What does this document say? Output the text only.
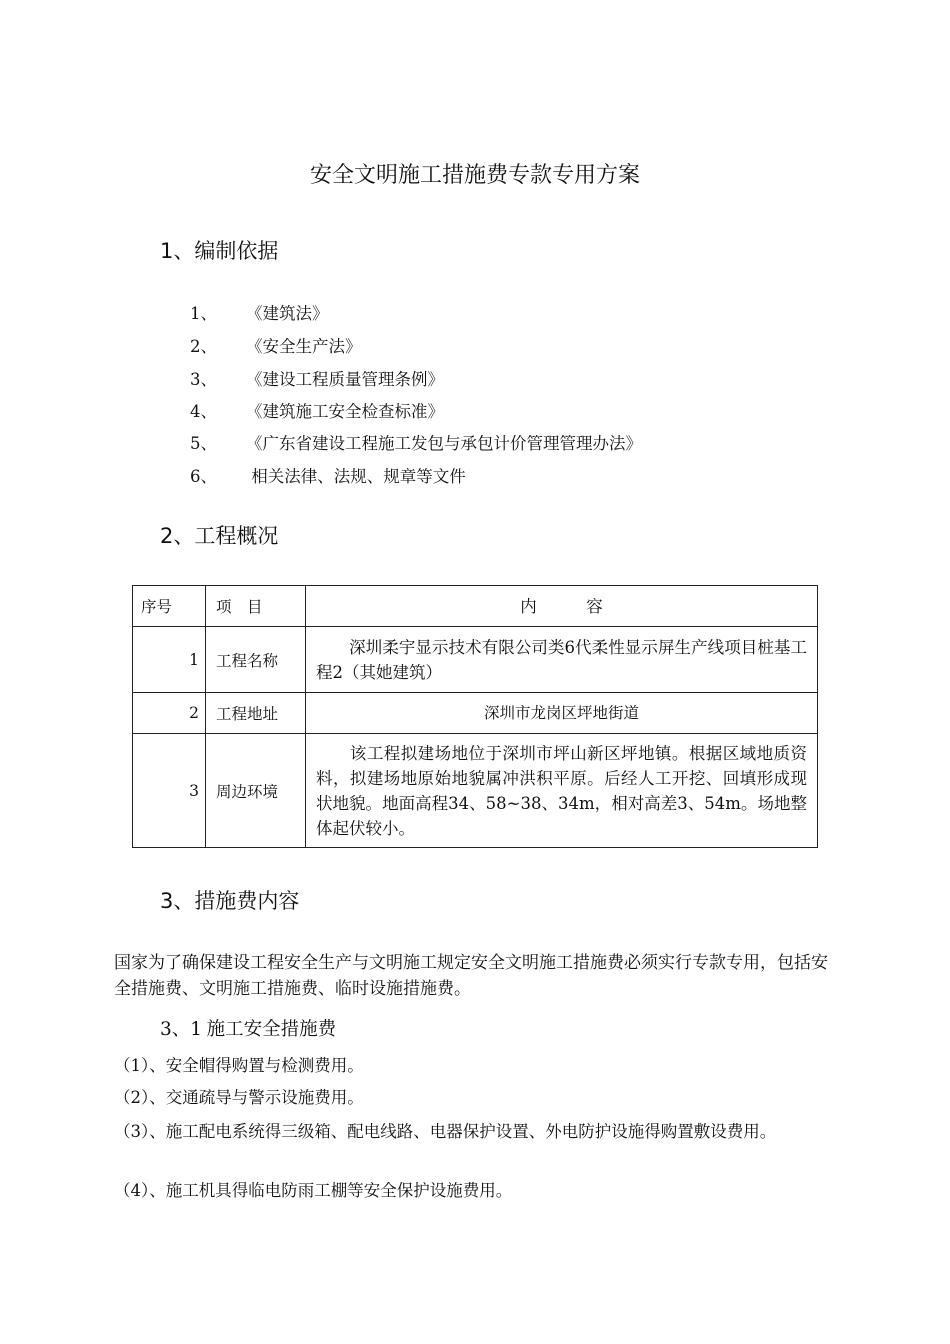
安全文明施工措施费专款专用方案
1、编制依据
1、 《建筑法》
2、 《安全生产法》
3、 《建设工程质量管理条例》
4、 《建筑施工安全检查标准》
5、 《广东省建设工程施工发包与承包计价管理管理办法》
6、 相关法律、法规、规章等文件
2、工程概况
序号	项　目	内　　　容
1	工程名称	　　深圳柔宇显示技术有限公司类6代柔性显示屏生产线项目桩基工程2（其她建筑）
2	工程地址	深圳市龙岗区坪地街道
3	周边环境	　　该工程拟建场地位于深圳市坪山新区坪地镇。根据区域地质资料，拟建场地原始地貌属冲洪积平原。后经人工开挖、回填形成现状地貌。地面高程34、58~38、34m，相对高差3、54m。场地整体起伏较小。
3、措施费内容
国家为了确保建设工程安全生产与文明施工规定安全文明施工措施费必须实行专款专用，包括安全措施费、文明施工措施费、临时设施措施费。
3、1 施工安全措施费
（1）、安全帽得购置与检测费用。
（2）、交通疏导与警示设施费用。
（3）、施工配电系统得三级箱、配电线路、电器保护设置、外电防护设施得购置敷设费用。
（4）、施工机具得临电防雨工棚等安全保护设施费用。
